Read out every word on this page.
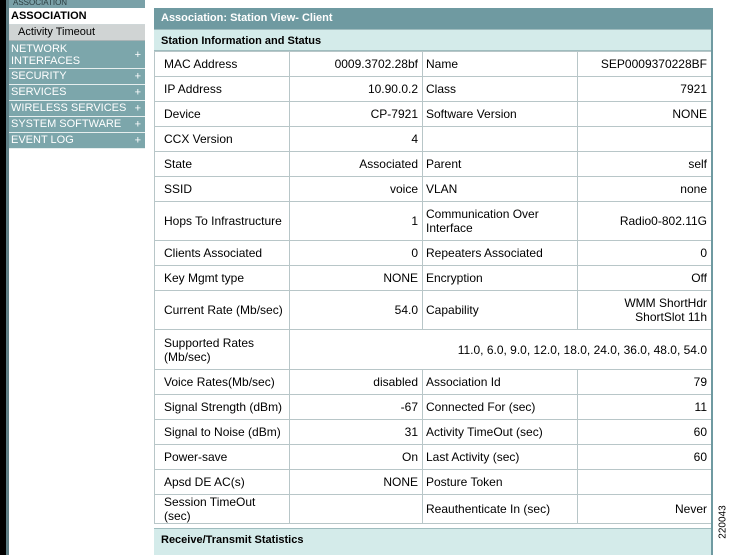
ASSOCIATION
ASSOCIATION
Activity Timeout
NETWORK INTERFACES
+
SECURITY	+
SERVICES	+
WIRELESS SERVICES +
SYSTEM SOFTWARE +
EVENT LOG	+
Association: Station View- Client
Station Information and Status
MAC Address	0009.3702.28bf	Name	SEP0009370228BF
IP Address	10.90.0.2	Class	7921
Device	CP-7921	Software Version	NONE
CCX Version	4		
State	Associated	Parent	self
SSID	voice	VLAN	none
Hops To Infrastructure	1	Communication Over Interface	Radio0-802.11G
Clients Associated	0	Repeaters Associated	0
Key Mgmt type	NONE	Encryption	Off
Current Rate (Mb/sec)	54.0	Capability	WMM ShortHdr ShortSlot 11h
Supported Rates (Mb/sec)	11.0, 6.0, 9.0, 12.0, 18.0, 24.0, 36.0, 48.0, 54.0		
Voice Rates(Mb/sec)	disabled	Association Id	79
Signal Strength (dBm)	-67	Connected For (sec)	11
Signal to Noise (dBm)	31	Activity TimeOut (sec)	60
Power-save	On	Last Activity (sec)	60
Apsd DE AC(s)	NONE	Posture Token	
Session TimeOut (sec)		Reauthenticate In (sec)	Never
Receive/Transmit Statistics
220043
